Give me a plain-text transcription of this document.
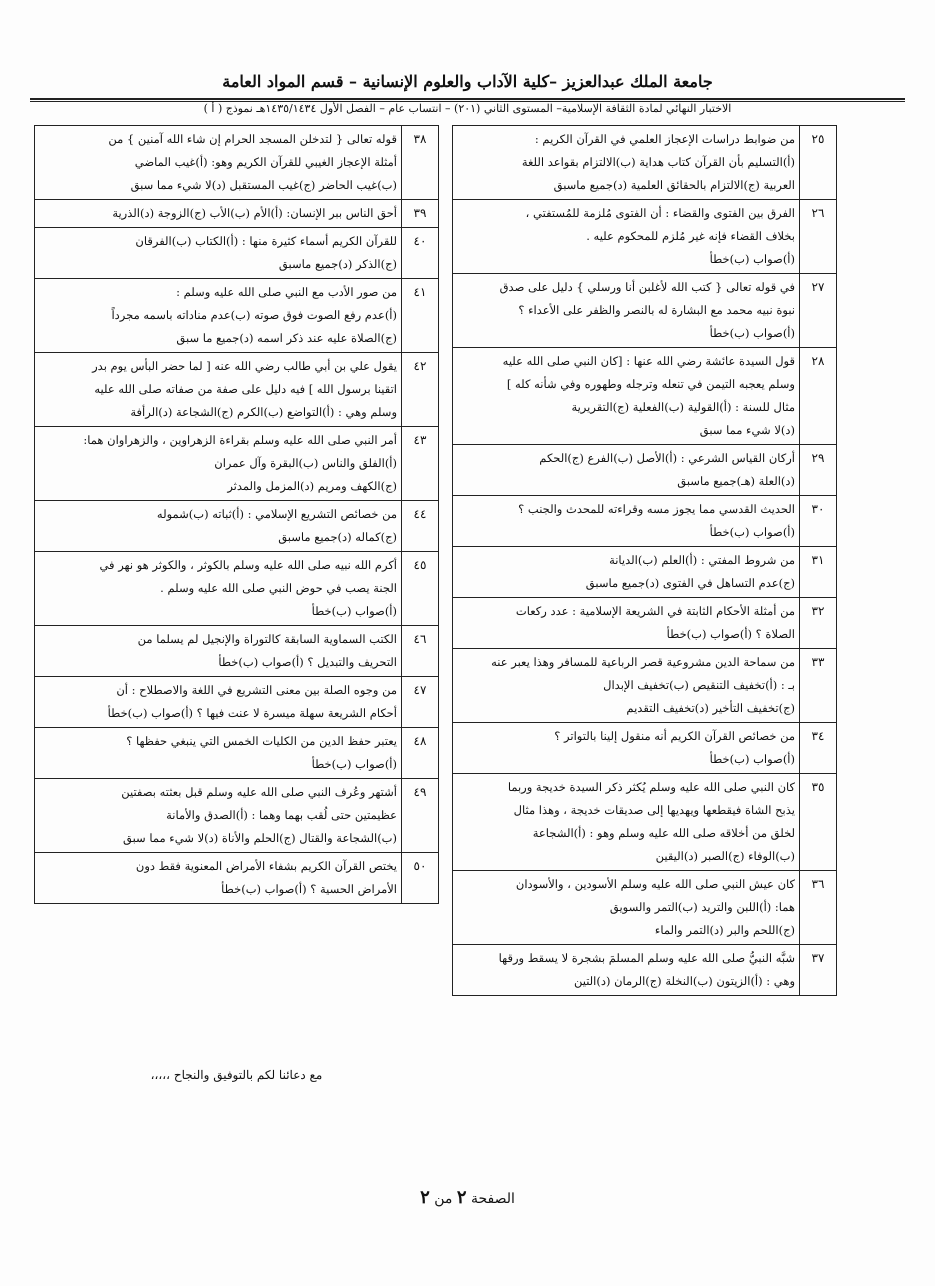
جامعة الملك عبدالعزيز –كلية الآداب والعلوم الإنسانية – قسم المواد العامة
الاختبار النهائي لمادة الثقافة الإسلامية– المستوى الثاني (٢٠١) – انتساب عام – الفصل الأول ١٤٣٥/١٤٣٤هـ نموذج ( أ )
٢٥	من ضوابط دراسات الإعجاز العلمي في القرآن الكريم :
(أ)التسليم بأن القرآن كتاب هداية (ب)الالتزام بقواعد اللغة
العربية (ج)الالتزام بالحقائق العلمية (د)جميع ماسبق

٢٦	الفرق بين الفتوى والقضاء : أن الفتوى مُلزمة للمُستفتي ،
بخلاف القضاء فإنه غير مُلزم للمحكوم عليه .
(أ)صواب (ب)خطأ

٢٧	في قوله تعالى { كتب الله لأغلبن أنا ورسلي } دليل على صدق
نبوة نبيه محمد مع البشارة له بالنصر والظفر على الأعداء ؟
(أ)صواب (ب)خطأ

٢٨	قول السيدة عائشة رضي الله عنها : [كان النبي صلى الله عليه
وسلم يعجبه التيمن في تنعله وترجله وطهوره وفي شأنه كله ]
مثال للسنة : (أ)القولية (ب)الفعلية (ج)التقريرية
(د)لا شيء مما سبق

٢٩	أركان القياس الشرعي : (أ)الأصل (ب)الفرع (ج)الحكم
(د)العلة (هـ)جميع ماسبق

٣٠	الحديث القدسي مما يجوز مسه وقراءته للمحدث والجنب ؟
(أ)صواب (ب)خطأ

٣١	من شروط المفتي : (أ)العلم (ب)الديانة
(ج)عدم التساهل في الفتوى (د)جميع ماسبق

٣٢	من أمثلة الأحكام الثابتة في الشريعة الإسلامية : عدد ركعات
الصلاة ؟ (أ)صواب (ب)خطأ

٣٣	من سماحة الدين مشروعية قصر الرباعية للمسافر وهذا يعبر عنه
بـ : (أ)تخفيف التنقيص (ب)تخفيف الإبدال
(ج)تخفيف التأخير (د)تخفيف التقديم

٣٤	من خصائص القرآن الكريم أنه منقول إلينا بالتواتر ؟
(أ)صواب (ب)خطأ

٣٥	كان النبي صلى الله عليه وسلم يُكثر ذكر السيدة خديجة وربما
يذبح الشاة فيقطعها ويهديها إلى صديقات خديجة ، وهذا مثال
لخلق من أخلاقه صلى الله عليه وسلم وهو : (أ)الشجاعة
(ب)الوفاء (ج)الصبر (د)اليقين

٣٦	كان عيش النبي صلى الله عليه وسلم الأسودين ، والأسودان
هما: (أ)اللبن والتريد (ب)التمر والسويق
(ج)اللحم والبر (د)التمر والماء

٣٧	شبَّه النبيُّ صلى الله عليه وسلم المسلمَ بشجرة لا يسقط ورقها
وهي : (أ)الزيتون (ب)النخلة (ج)الرمان (د)التين
٣٨	قوله تعالى { لتدخلن المسجد الحرام إن شاء الله آمنين } من
أمثلة الإعجاز الغيبي للقرآن الكريم وهو: (أ)غيب الماضي
(ب)غيب الحاضر (ج)غيب المستقبل (د)لا شيء مما سبق

٣٩	أحق الناس ببر الإنسان: (أ)الأم (ب)الأب (ج)الزوجة (د)الذرية

٤٠	للقرآن الكريم أسماء كثيرة منها : (أ)الكتاب (ب)الفرقان
(ج)الذكر (د)جميع ماسبق

٤١	من صور الأدب مع النبي صلى الله عليه وسلم :
(أ)عدم رفع الصوت فوق صوته (ب)عدم مناداته باسمه مجرداً
(ج)الصلاة عليه عند ذكر اسمه (د)جميع ما سبق

٤٢	يقول علي بن أبي طالب رضي الله عنه [ لما حضر البأس يوم بدر
اتقينا برسول الله ] فيه دليل على صفة من صفاته صلى الله عليه
وسلم وهي : (أ)التواضع (ب)الكرم (ج)الشجاعة (د)الرأفة

٤٣	أمر النبي صلى الله عليه وسلم بقراءة الزهراوين ، والزهراوان هما:
(أ)الفلق والناس (ب)البقرة وآل عمران
(ج)الكهف ومريم (د)المزمل والمدثر

٤٤	من خصائص التشريع الإسلامي : (أ)ثباته (ب)شموله
(ج)كماله (د)جميع ماسبق

٤٥	أكرم الله نبيه صلى الله عليه وسلم بالكوثر ، والكوثر هو نهر في
الجنة يصب في حوض النبي صلى الله عليه وسلم .
(أ)صواب (ب)خطأ

٤٦	الكتب السماوية السابقة كالتوراة والإنجيل لم يسلما من
التحريف والتبديل ؟ (أ)صواب (ب)خطأ

٤٧	من وجوه الصلة بين معنى التشريع في اللغة والاصطلاح : أن
أحكام الشريعة سهلة ميسرة لا عنت فيها ؟ (أ)صواب (ب)خطأ

٤٨	يعتبر حفظ الدين من الكليات الخمس التي ينبغي حفظها ؟
(أ)صواب (ب)خطأ

٤٩	أشتهر وعُرف النبي صلى الله عليه وسلم قبل بعثته بصفتين
عظيمتين حتى لُقب بهما وهما : (أ)الصدق والأمانة
(ب)الشجاعة والقتال (ج)الحلم والأناة (د)لا شيء مما سبق

٥٠	يختص القرآن الكريم بشفاء الأمراض المعنوية فقط دون
الأمراض الحسية ؟ (أ)صواب (ب)خطأ
مع دعائنا لكم بالتوفيق والنجاح ،،،،،
الصفحة ٢ من ٢
